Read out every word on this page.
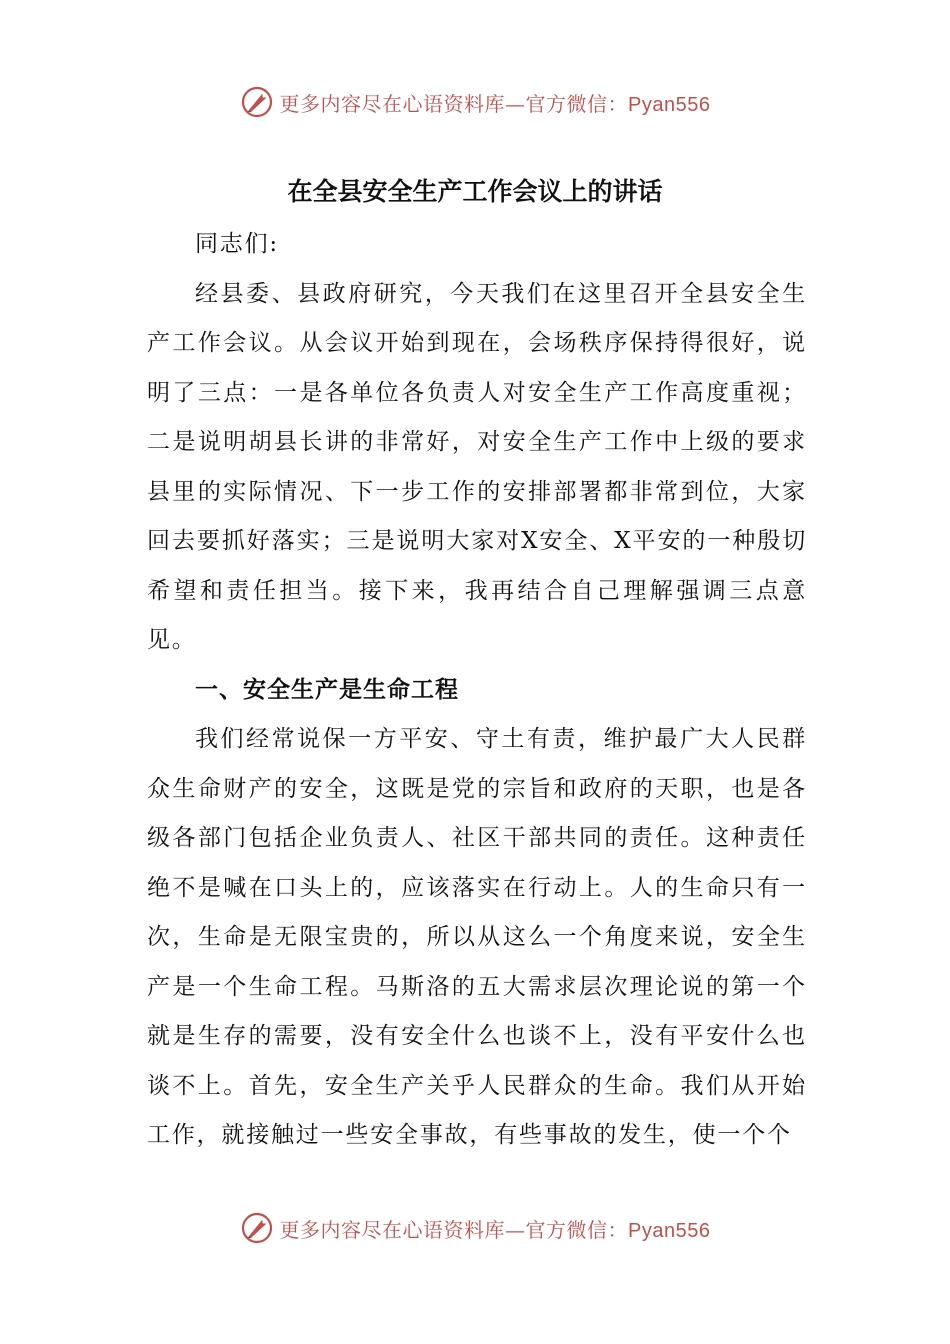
更多内容尽在心语资料库—官方微信：Pyan556
在全县安全生产工作会议上的讲话

同志们:

经县委、县政府研究，今天我们在这里召开全县安全生产工作会议。从会议开始到现在，会场秩序保持得很好，说明了三点：一是各单位各负责人对安全生产工作高度重视；二是说明胡县长讲的非常好，对安全生产工作中上级的要求县里的实际情况、下一步工作的安排部署都非常到位，大家回去要抓好落实；三是说明大家对X安全、X平安的一种殷切希望和责任担当。接下来，我再结合自己理解强调三点意见。

一、安全生产是生命工程

我们经常说保一方平安、守土有责，维护最广大人民群众生命财产的安全，这既是党的宗旨和政府的天职，也是各级各部门包括企业负责人、社区干部共同的责任。这种责任绝不是喊在口头上的，应该落实在行动上。人的生命只有一次，生命是无限宝贵的，所以从这么一个角度来说，安全生产是一个生命工程。马斯洛的五大需求层次理论说的第一个就是生存的需要，没有安全什么也谈不上，没有平安什么也谈不上。首先，安全生产关乎人民群众的生命。我们从开始工作，就接触过一些安全事故，有些事故的发生，使一个个

更多内容尽在心语资料库—官方微信：Pyan556
